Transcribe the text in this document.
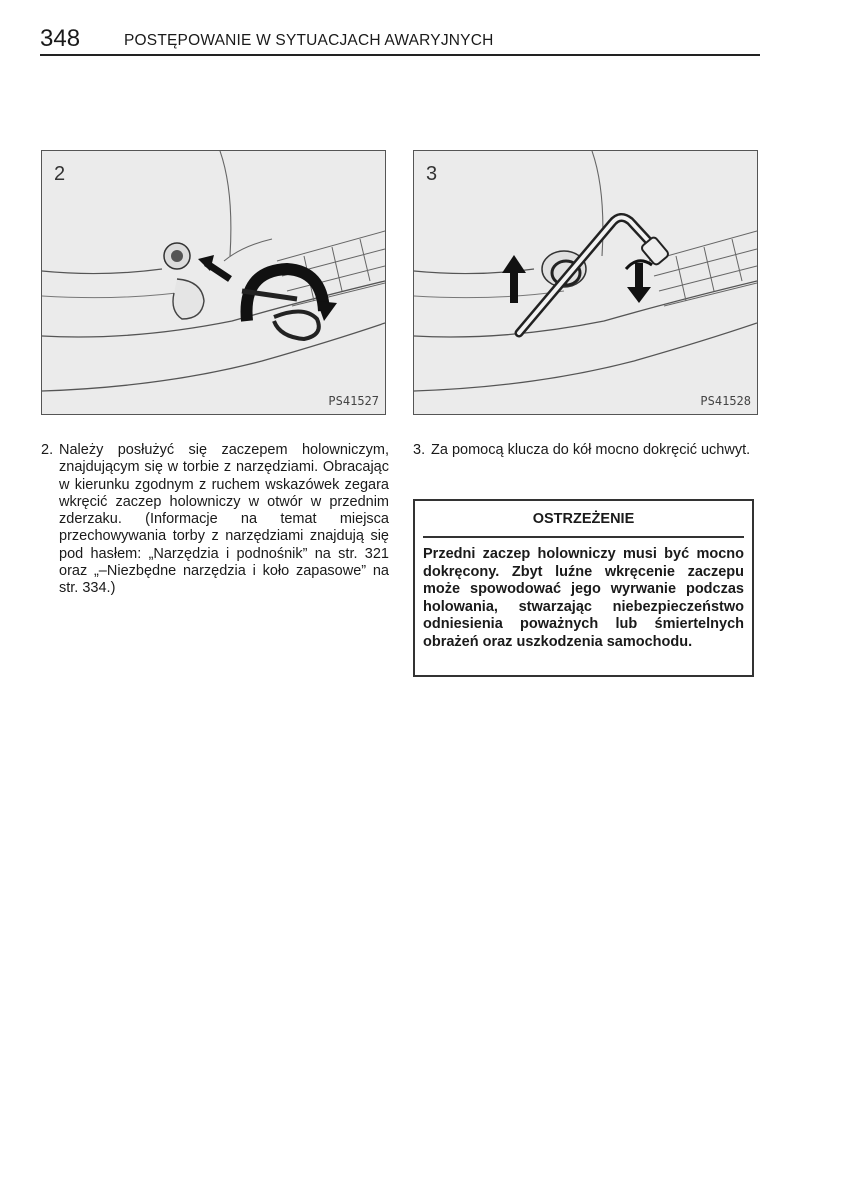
348	POSTĘPOWANIE W SYTUACJACH AWARYJNYCH
2
PS41527
3
PS41528
2. Należy posłużyć się zaczepem holowniczym, znajdującym się w torbie z narzędziami. Obracając w kierunku zgodnym z ruchem wskazówek zegara wkręcić zaczep holowniczy w otwór w przednim zderzaku. (Informacje na temat miejsca przechowywania torby z narzędziami znajdują się pod hasłem: „Narzędzia i podnośnik” na str. 321 oraz „–Niezbędne narzędzia i koło zapasowe” na str. 334.)
3. Za pomocą klucza do kół mocno dokręcić uchwyt.
OSTRZEŻENIE
Przedni zaczep holowniczy musi być mocno dokręcony. Zbyt luźne wkręcenie zaczepu może spowodować jego wyrwanie podczas holowania, stwarzając niebezpieczeństwo odniesienia poważnych lub śmiertelnych obrażeń oraz uszkodzenia samochodu.
